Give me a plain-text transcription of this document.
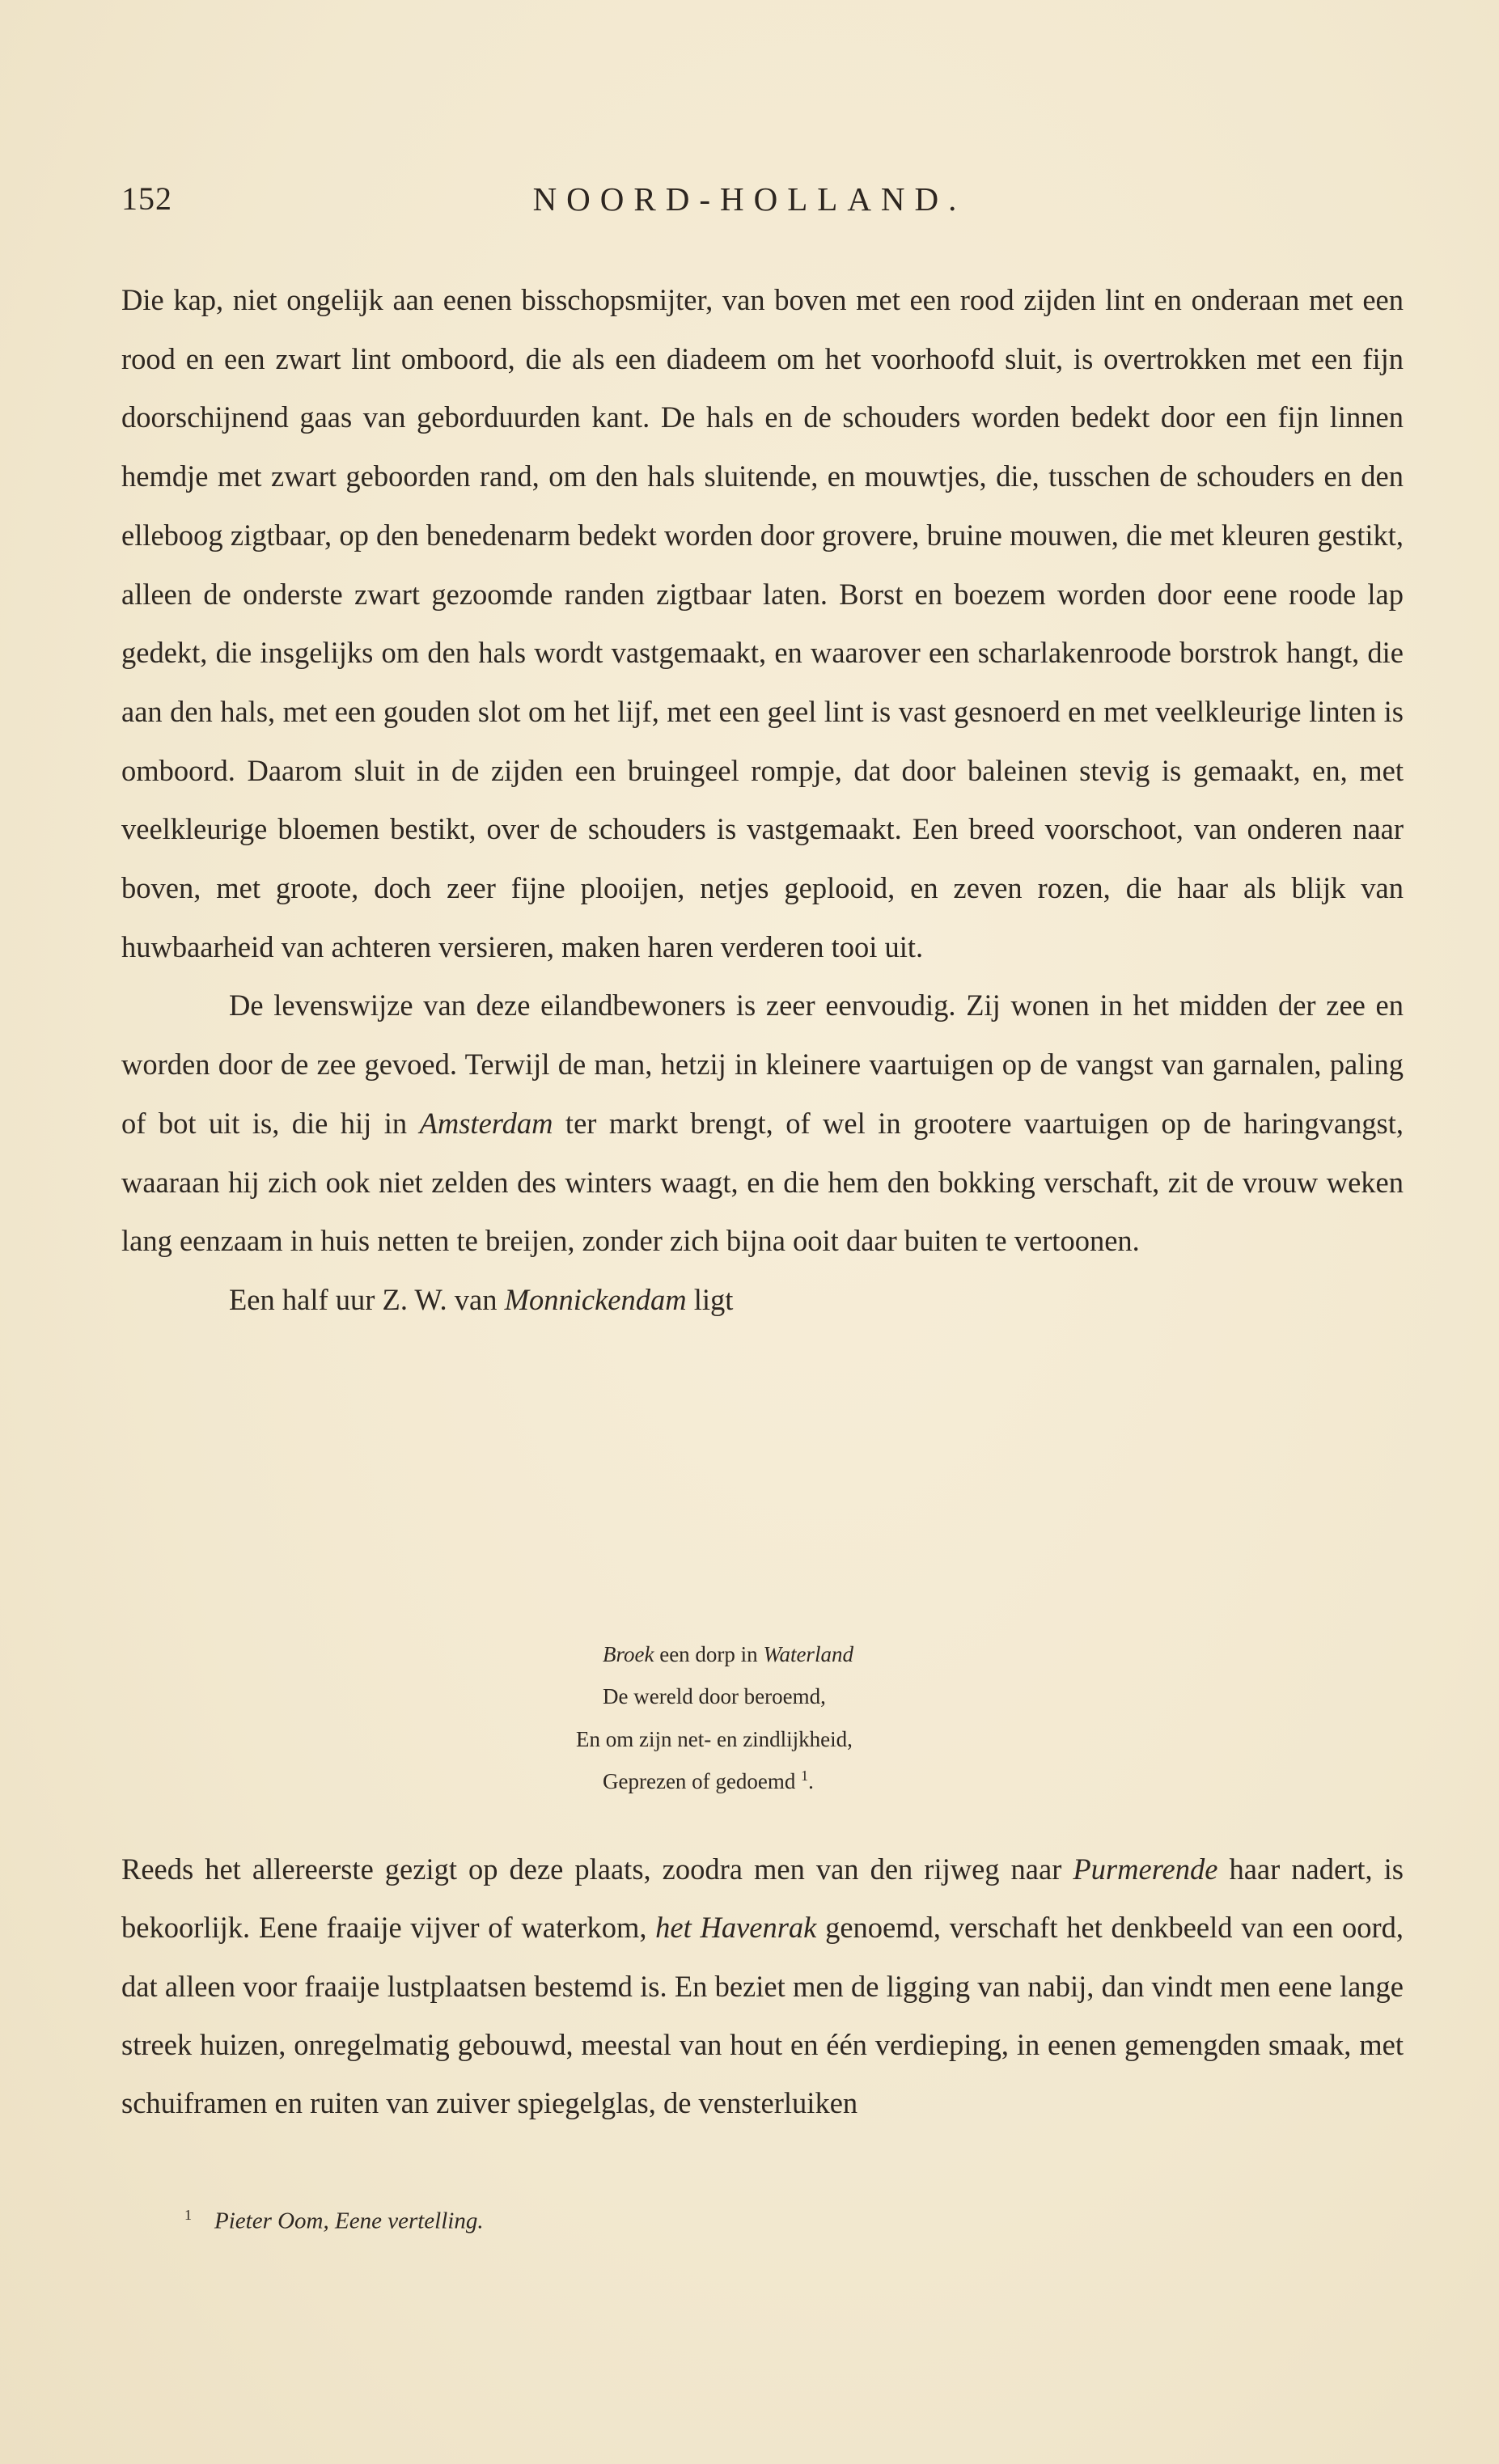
152	NOORD-HOLLAND.

Die kap, niet ongelijk aan eenen bisschopsmijter, van boven met een rood zijden lint en onderaan met een rood en een zwart lint omboord, die als een diadeem om het voorhoofd sluit, is overtrokken met een fijn doorschijnend gaas van geborduurden kant. De hals en de schouders worden bedekt door een fijn linnen hemdje met zwart geboorden rand, om den hals sluitende, en mouwtjes, die, tusschen de schouders en den elleboog zigtbaar, op den benedenarm bedekt worden door grovere, bruine mouwen, die met kleuren gestikt, alleen de onderste zwart gezoomde randen zigtbaar laten. Borst en boezem worden door eene roode lap gedekt, die insgelijks om den hals wordt vastgemaakt, en waarover een scharlakenroode borstrok hangt, die aan den hals, met een gouden slot om het lijf, met een geel lint is vast gesnoerd en met veelkleurige linten is omboord. Daarom sluit in de zijden een bruingeel rompje, dat door baleinen stevig is gemaakt, en, met veelkleurige bloemen bestikt, over de schouders is vastgemaakt. Een breed voorschoot, van onderen naar boven, met groote, doch zeer fijne plooijen, netjes geplooid, en zeven rozen, die haar als blijk van huwbaarheid van achteren versieren, maken haren verderen tooi uit.

De levenswijze van deze eilandbewoners is zeer eenvoudig. Zij wonen in het midden der zee en worden door de zee gevoed. Terwijl de man, hetzij in kleinere vaartuigen op de vangst van garnalen, paling of bot uit is, die hij in Amsterdam ter markt brengt, of wel in grootere vaartuigen op de haringvangst, waaraan hij zich ook niet zelden des winters waagt, en die hem den bokking verschaft, zit de vrouw weken lang eenzaam in huis netten te breijen, zonder zich bijna ooit daar buiten te vertoonen.

Een half uur Z. W. van Monnickendam ligt

Broek een dorp in Waterland
De wereld door beroemd,
En om zijn net- en zindlijkheid,
Geprezen of gedoemd $^1$.

Reeds het allereerste gezigt op deze plaats, zoodra men van den rijweg naar Purmerende haar nadert, is bekoorlijk. Eene fraaije vijver of waterkom, het Havenrak genoemd, verschaft het denkbeeld van een oord, dat alleen voor fraaije lustplaatsen bestemd is. En beziet men de ligging van nabij, dan vindt men eene lange streek huizen, onregelmatig gebouwd, meestal van hout en één verdieping, in eenen gemengden smaak, met schuiframen en ruiten van zuiver spiegelglas, de vensterluiken

$^1$ Pieter Oom, Eene vertelling.
